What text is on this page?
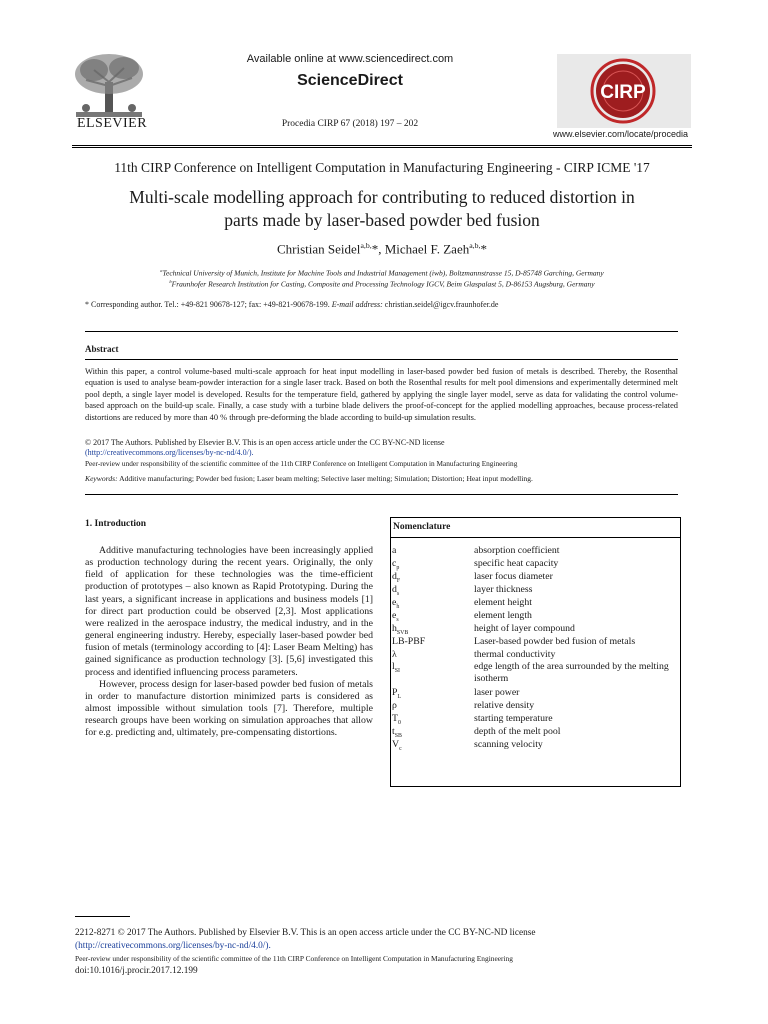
ELSEVIER
Available online at www.sciencedirect.com
ScienceDirect
Procedia CIRP 67 (2018) 197 – 202
CIRP
www.elsevier.com/locate/procedia
11th CIRP Conference on Intelligent Computation in Manufacturing Engineering - CIRP ICME '17
Multi-scale modelling approach for contributing to reduced distortion in
parts made by laser-based powder bed fusion
Christian Seidel$^{a,b,}$*, Michael F. Zaeh$^{a,b,}$*
$^a$Technical University of Munich, Institute for Machine Tools and Industrial Management (iwb), Boltzmannstrasse 15, D-85748 Garching, Germany
$^b$Fraunhofer Research Institution for Casting, Composite and Processing Technology IGCV, Beim Glaspalast 5, D-86153 Augsburg, Germany
* Corresponding author. Tel.: +49-821 90678-127; fax: +49-821-90678-199. E-mail address: christian.seidel@igcv.fraunhofer.de
Abstract
Within this paper, a control volume-based multi-scale approach for heat input modelling in laser-based powder bed fusion of metals is described. Thereby, the Rosenthal equation is used to analyse beam-powder interaction for a single laser track. Based on both the Rosenthal results for melt pool dimensions and experimentally determined melt pool depth, a single layer model is developed. Results for the temperature field, gathered by applying the single layer model, serve as data for validating the control volume-based approach on the build-up scale. Finally, a case study with a turbine blade delivers the proof-of-concept for the applied modelling approaches, because process-related distortions are reduced by more than 40 % through pre-deforming the blade according to build-up simulation results.
© 2017 The Authors. Published by Elsevier B.V. This is an open access article under the CC BY-NC-ND license
(http://creativecommons.org/licenses/by-nc-nd/4.0/).
Peer-review under responsibility of the scientific committee of the 11th CIRP Conference on Intelligent Computation in Manufacturing Engineering
Keywords: Additive manufacturing; Powder bed fusion; Laser beam melting; Selective laser melting; Simulation; Distortion; Heat input modelling.
1. Introduction

Additive manufacturing technologies have been increasingly applied as production technology during the recent years. Originally, the only field of application for these technologies was the time-efficient production of prototypes – also known as Rapid Prototyping. During the last years, a significant increase in applications and business models [1] for direct part production could be observed [2,3]. Most applications were realized in the aerospace industry, the medical industry, and in the general engineering industry. Hereby, especially laser-based powder bed fusion of metals (terminology according to [4]: Laser Beam Melting) has gained significance as production technology [3]. [5,6] investigated this process and identified influencing process parameters.

However, process design for laser-based powder bed fusion of metals in order to manufacture distortion minimized parts is considered as almost impossible without simulation tools [7]. Therefore, multiple research groups have been working on simulation approaches that allow for e.g. predicting and, ultimately, pre-compensating distortions.

Nomenclature
a	absorption coefficient
$c_p$	specific heat capacity
$d_F$	laser focus diameter
$d_s$	layer thickness
$e_h$	element height
$e_s$	element length
$h_{SVB}$	height of layer compound
LB-PBF	Laser-based powder bed fusion of metals
λ	thermal conductivity
$l_{SI}$	edge length of the area surrounded by the melting isotherm
$P_L$	laser power
ρ	relative density
$T_0$	starting temperature
$t_{SB}$	depth of the melt pool
$V_c$	scanning velocity
2212-8271 © 2017 The Authors. Published by Elsevier B.V. This is an open access article under the CC BY-NC-ND license
(http://creativecommons.org/licenses/by-nc-nd/4.0/).
Peer-review under responsibility of the scientific committee of the 11th CIRP Conference on Intelligent Computation in Manufacturing Engineering
doi:10.1016/j.procir.2017.12.199
